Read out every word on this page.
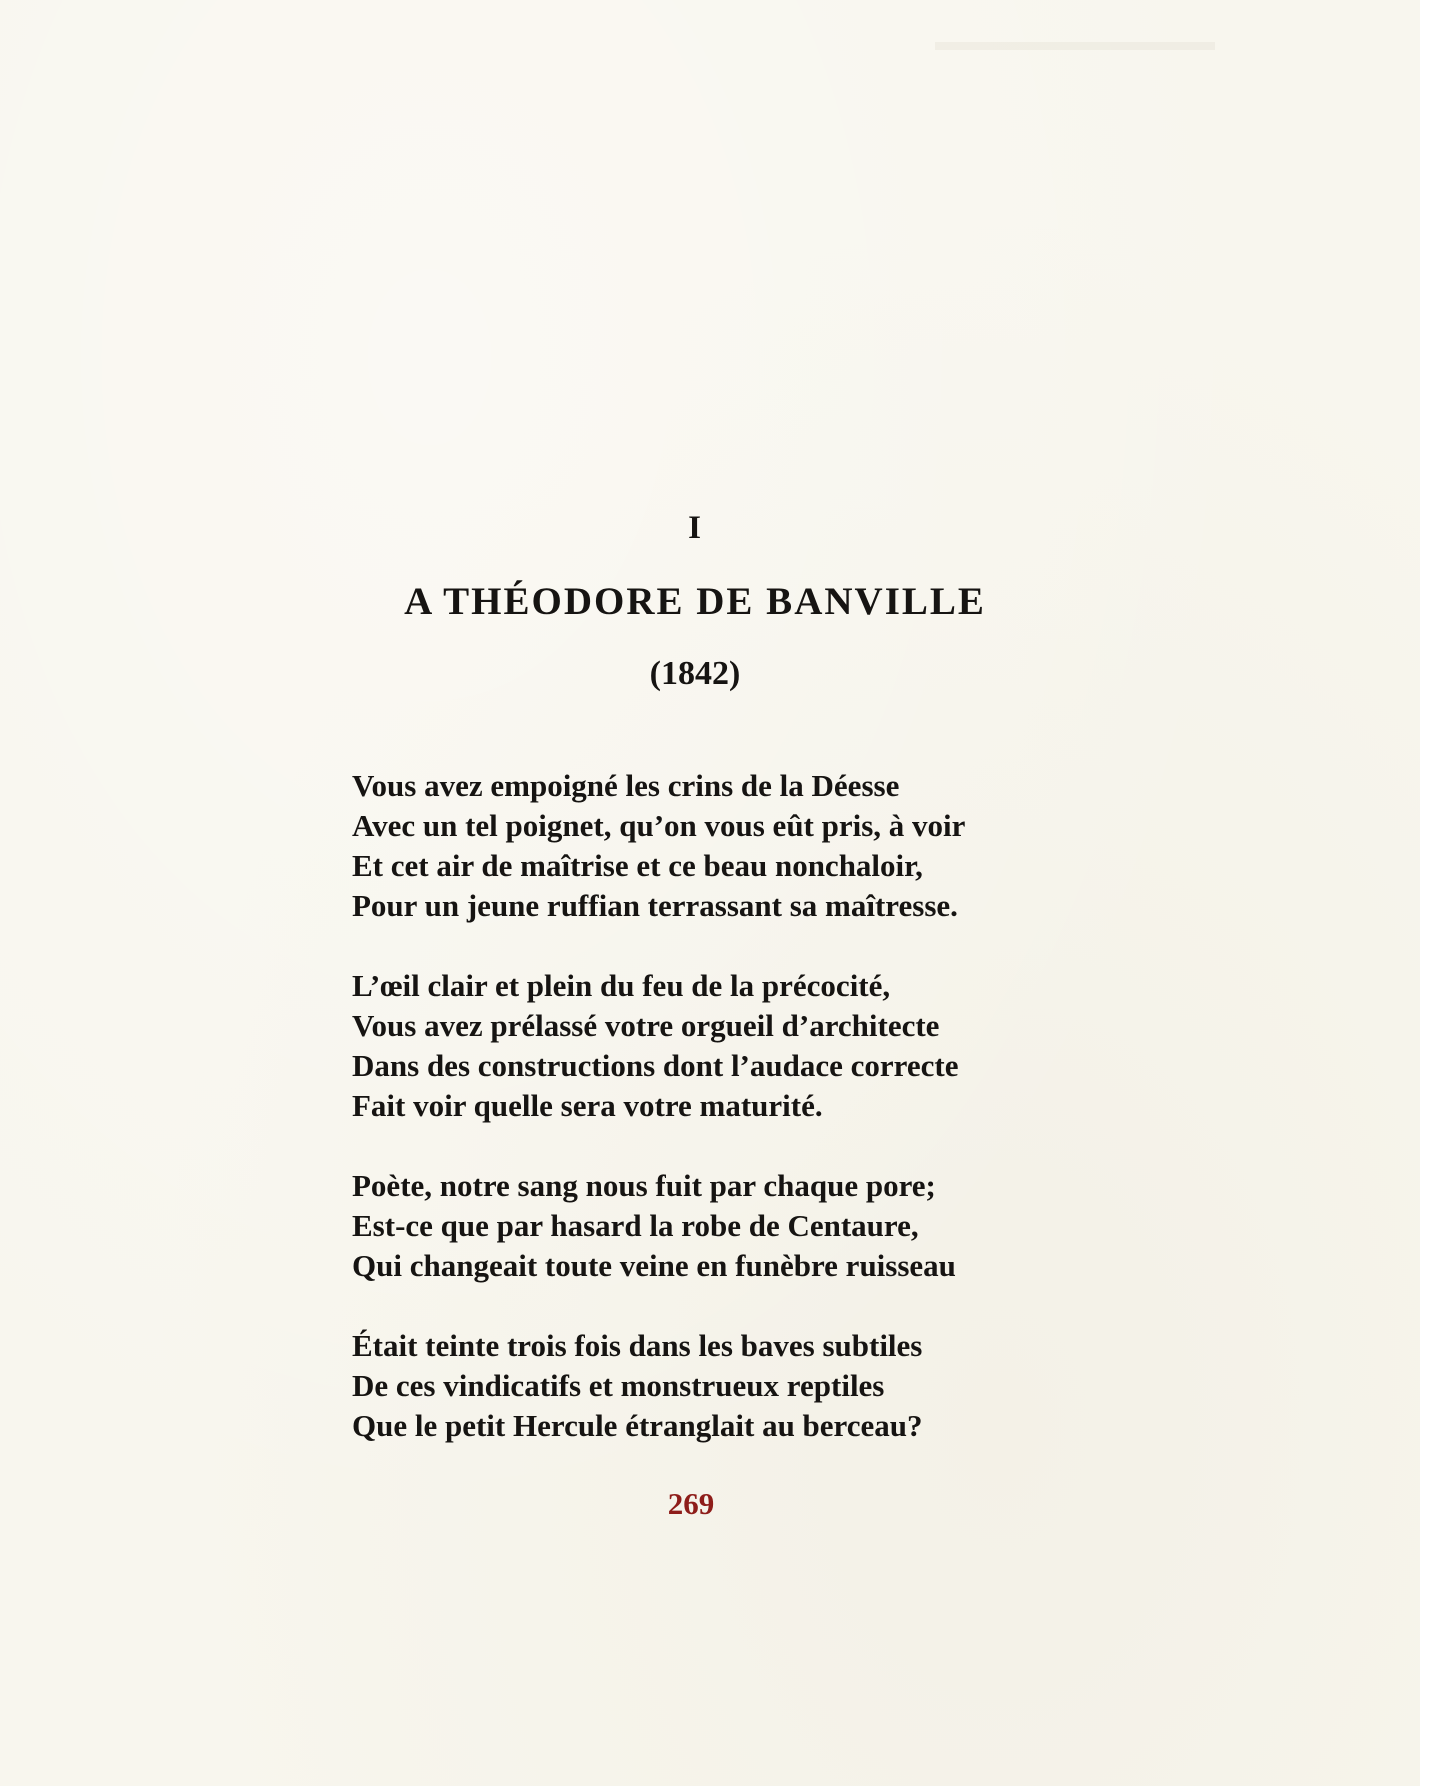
I
A THÉODORE DE BANVILLE
(1842)
Vous avez empoigné les crins de la Déesse
Avec un tel poignet, qu’on vous eût pris, à voir
Et cet air de maîtrise et ce beau nonchaloir,
Pour un jeune ruffian terrassant sa maîtresse.
L’œil clair et plein du feu de la précocité,
Vous avez prélassé votre orgueil d’architecte
Dans des constructions dont l’audace correcte
Fait voir quelle sera votre maturité.
Poète, notre sang nous fuit par chaque pore;
Est-ce que par hasard la robe de Centaure,
Qui changeait toute veine en funèbre ruisseau
Était teinte trois fois dans les baves subtiles
De ces vindicatifs et monstrueux reptiles
Que le petit Hercule étranglait au berceau?
269
